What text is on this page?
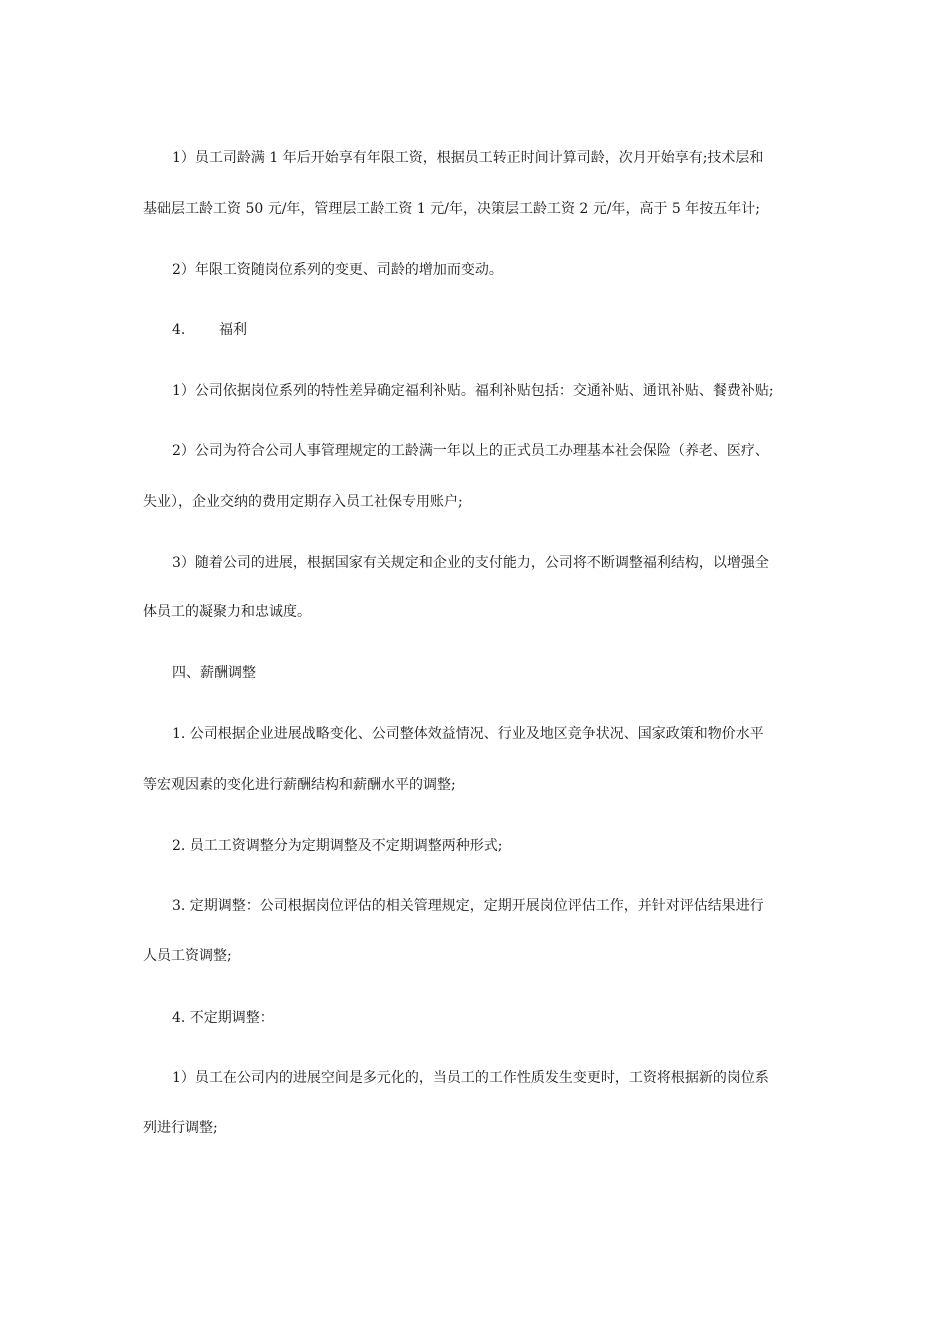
1）员工司龄满 1 年后开始享有年限工资，根据员工转正时间计算司龄，次月开始享有;技术层和
基础层工龄工资 50 元/年，管理层工龄工资 1 元/年，决策层工龄工资 2 元/年，高于 5 年按五年计;
2）年限工资随岗位系列的变更、司龄的增加而变动。
4.	福利
1）公司依据岗位系列的特性差异确定福利补贴。福利补贴包括：交通补贴、通讯补贴、餐费补贴;
2）公司为符合公司人事管理规定的工龄满一年以上的正式员工办理基本社会保险（养老、医疗、
失业），企业交纳的费用定期存入员工社保专用账户;
3）随着公司的进展，根据国家有关规定和企业的支付能力，公司将不断调整福利结构，以增强全
体员工的凝聚力和忠诚度。
四、薪酬调整
1. 公司根据企业进展战略变化、公司整体效益情况、行业及地区竞争状况、国家政策和物价水平
等宏观因素的变化进行薪酬结构和薪酬水平的调整;
2. 员工工资调整分为定期调整及不定期调整两种形式;
3. 定期调整：公司根据岗位评估的相关管理规定，定期开展岗位评估工作，并针对评估结果进行
人员工资调整;
4. 不定期调整：
1）员工在公司内的进展空间是多元化的，当员工的工作性质发生变更时，工资将根据新的岗位系
列进行调整;
